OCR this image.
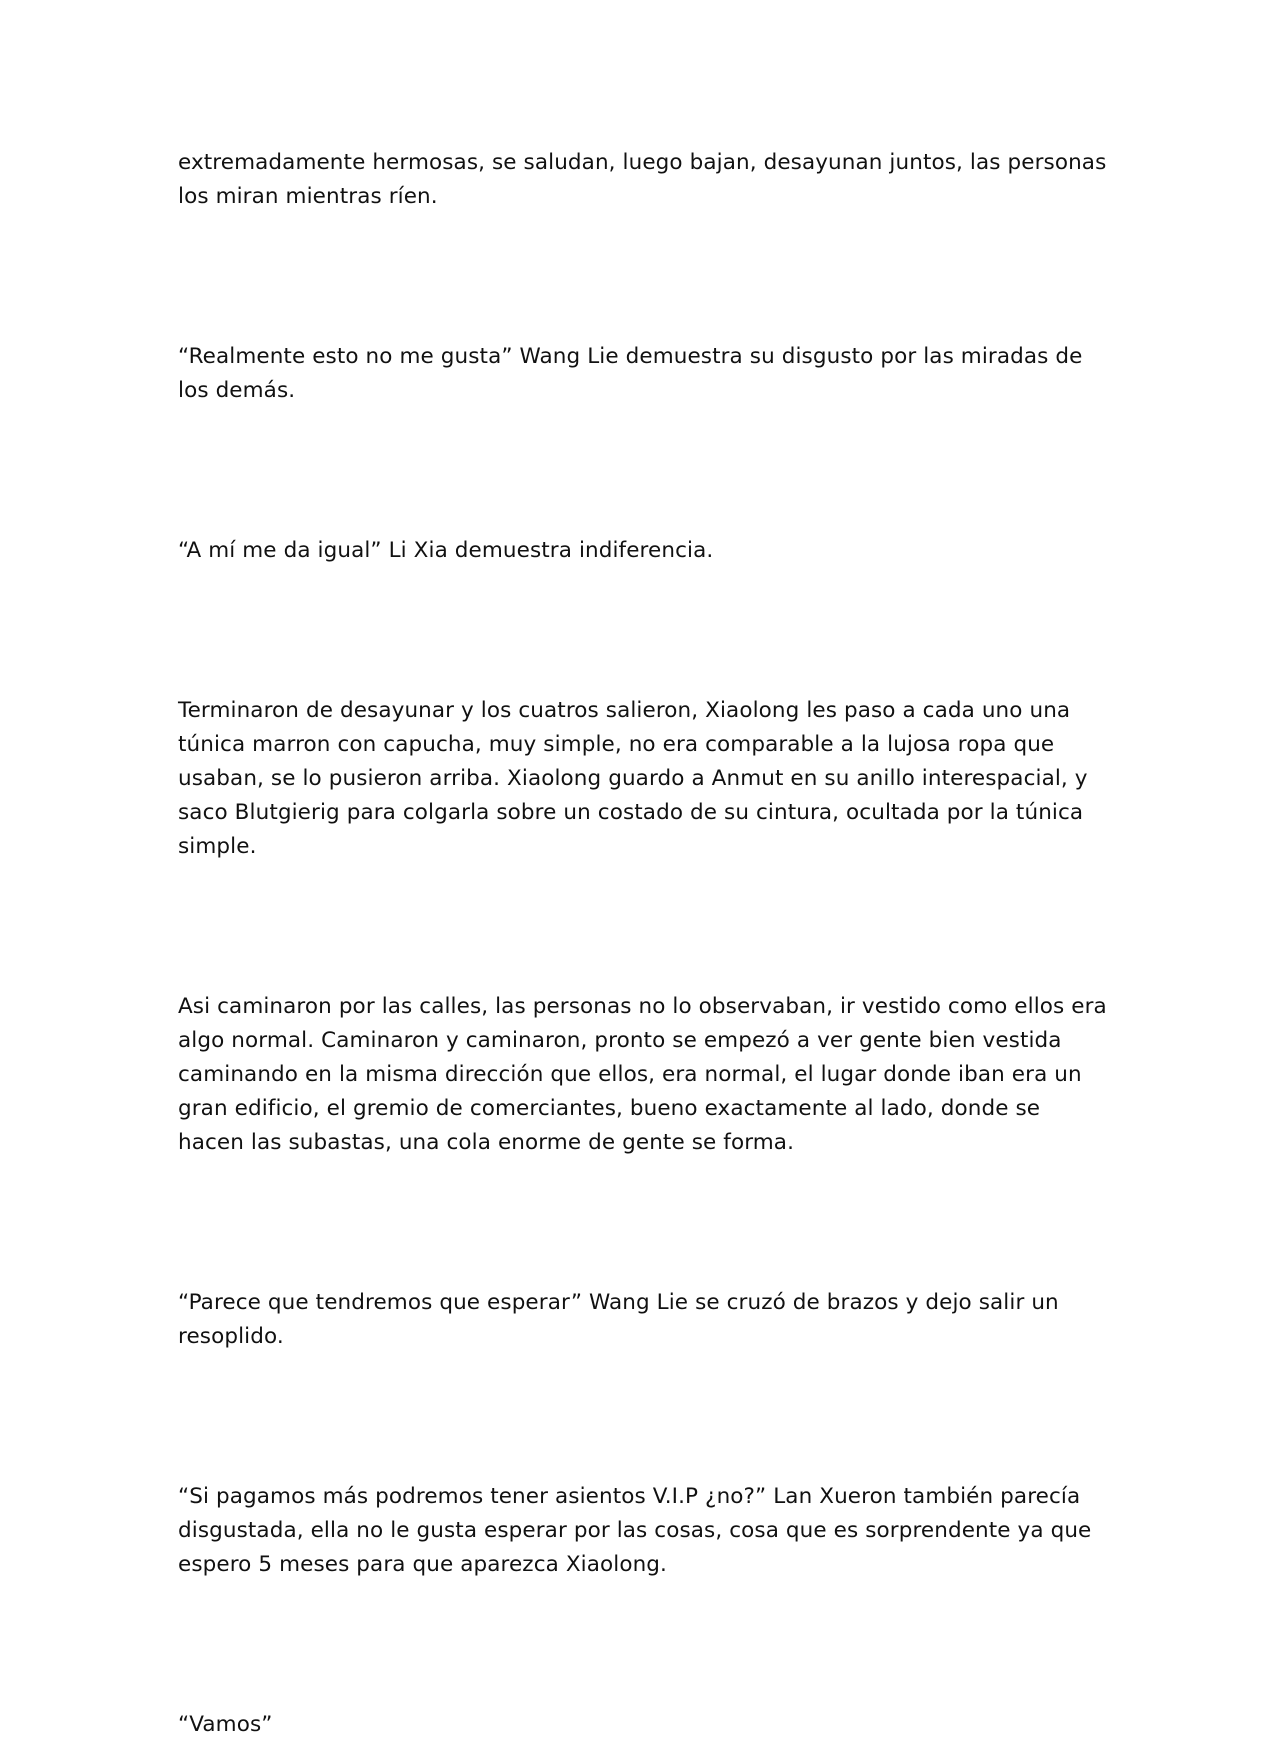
extremadamente hermosas, se saludan, luego bajan, desayunan juntos, las personas los miran mientras ríen.

“Realmente esto no me gusta” Wang Lie demuestra su disgusto por las miradas de los demás.

“A mí me da igual” Li Xia demuestra indiferencia.

Terminaron de desayunar y los cuatros salieron, Xiaolong les paso a cada uno una túnica marron con capucha, muy simple, no era comparable a la lujosa ropa que usaban, se lo pusieron arriba. Xiaolong guardo a Anmut en su anillo interespacial, y saco Blutgierig para colgarla sobre un costado de su cintura, ocultada por la túnica simple.

Asi caminaron por las calles, las personas no lo observaban, ir vestido como ellos era algo normal. Caminaron y caminaron, pronto se empezó a ver gente bien vestida caminando en la misma dirección que ellos, era normal, el lugar donde iban era un gran edificio, el gremio de comerciantes, bueno exactamente al lado, donde se hacen las subastas, una cola enorme de gente se forma.

“Parece que tendremos que esperar” Wang Lie se cruzó de brazos y dejo salir un resoplido.

“Si pagamos más podremos tener asientos V.I.P ¿no?” Lan Xueron también parecía disgustada, ella no le gusta esperar por las cosas, cosa que es sorprendente ya que espero 5 meses para que aparezca Xiaolong.

“Vamos”
